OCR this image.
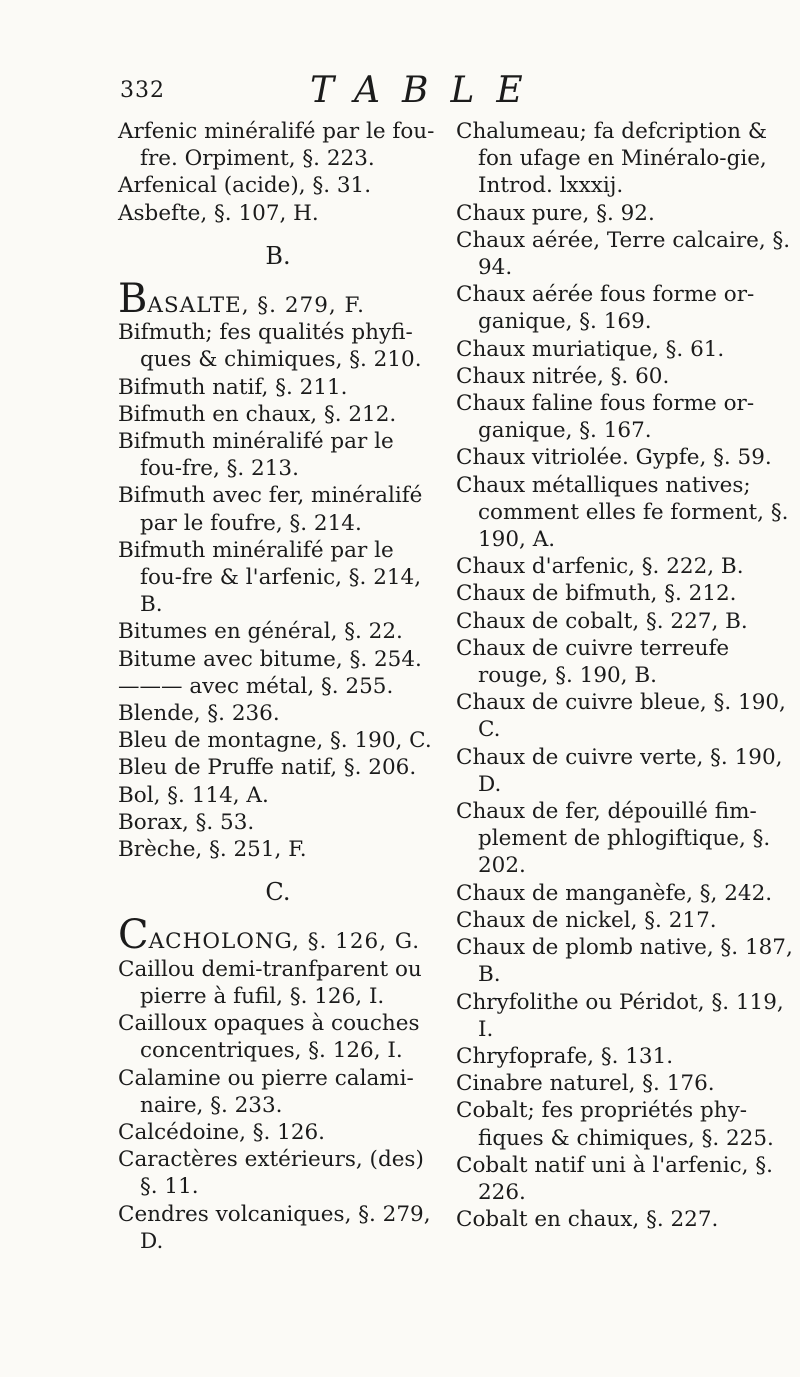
332	TABLE

Arfenic minéralifé par le fou-fre. Orpiment, §. 223.

Arfenical (acide), §. 31.

Asbefte, §. 107, H.

B.

BASALTE, §. 279, F.

Bifmuth; fes qualités phyfi-ques & chimiques, §. 210.

Bifmuth natif, §. 211.

Bifmuth en chaux, §. 212.

Bifmuth minéralifé par le fou-fre, §. 213.

Bifmuth avec fer, minéralifé par le foufre, §. 214.

Bifmuth minéralifé par le fou-fre & l'arfenic, §. 214, B.

Bitumes en général, §. 22.

Bitume avec bitume, §. 254.

——— avec métal, §. 255.

Blende, §. 236.

Bleu de montagne, §. 190, C.

Bleu de Pruffe natif, §. 206.

Bol, §. 114, A.

Borax, §. 53.

Brèche, §. 251, F.

C.

CACHOLONG, §. 126, G.

Caillou demi-tranfparent ou pierre à fufil, §. 126, I.

Cailloux opaques à couches concentriques, §. 126, I.

Calamine ou pierre calami-naire, §. 233.

Calcédoine, §. 126.

Caractères extérieurs, (des) §. 11.

Cendres volcaniques, §. 279, D.

Chalumeau; fa defcription & fon ufage en Minéralo-gie, Introd. lxxxij.

Chaux pure, §. 92.

Chaux aérée, Terre calcaire, §. 94.

Chaux aérée fous forme or-ganique, §. 169.

Chaux muriatique, §. 61.

Chaux nitrée, §. 60.

Chaux faline fous forme or-ganique, §. 167.

Chaux vitriolée. Gypfe, §. 59.

Chaux métalliques natives; comment elles fe forment, §. 190, A.

Chaux d'arfenic, §. 222, B.

Chaux de bifmuth, §. 212.

Chaux de cobalt, §. 227, B.

Chaux de cuivre terreufe rouge, §. 190, B.

Chaux de cuivre bleue, §. 190, C.

Chaux de cuivre verte, §. 190, D.

Chaux de fer, dépouillé fim-plement de phlogiftique, §. 202.

Chaux de manganèfe, §, 242.

Chaux de nickel, §. 217.

Chaux de plomb native, §. 187, B.

Chryfolithe ou Péridot, §. 119, I.

Chryfoprafe, §. 131.

Cinabre naturel, §. 176.

Cobalt; fes propriétés phy-fiques & chimiques, §. 225.

Cobalt natif uni à l'arfenic, §. 226.

Cobalt en chaux, §. 227.
